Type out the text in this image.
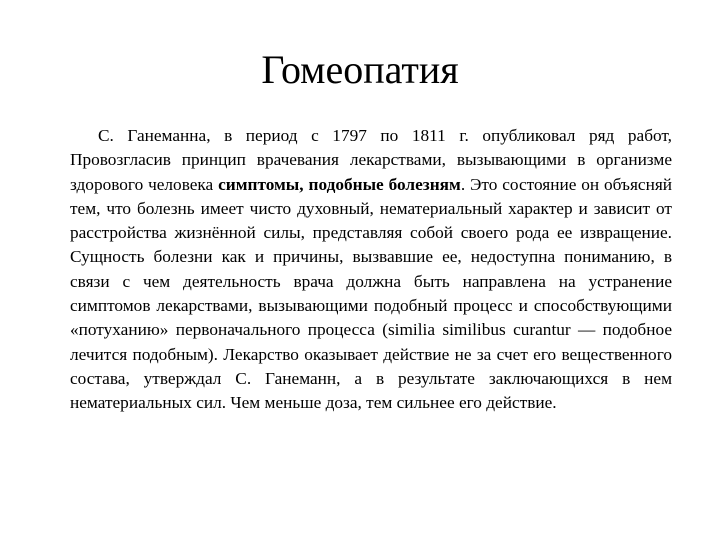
Гомеопатия

С. Ганеманна, в период с 1797 по 1811 г. опубликовал ряд работ, Провозгласив принцип врачевания лекарствами, вызывающими в организме здорового человека симптомы, подобные болезням. Это состояние он объясняй тем, что болезнь имеет чисто духовный, нематериальный характер и зависит от расстройства жизнённой силы, представляя собой своего рода ее извращение. Сущность болезни как и причины, вызвавшие ее, недоступна пониманию, в связи с чем деятельность врача должна быть направлена на устранение симптомов лекарствами, вызывающими подобный процесс и способствующими «потуханию» первоначального процесса (similia similibus curantur — подобное лечится подобным). Лекарство оказывает действие не за счет его вещественного состава, утверждал С. Ганеманн, а в результате заключающихся в нем нематериальных сил. Чем меньше доза, тем сильнее его действие.
